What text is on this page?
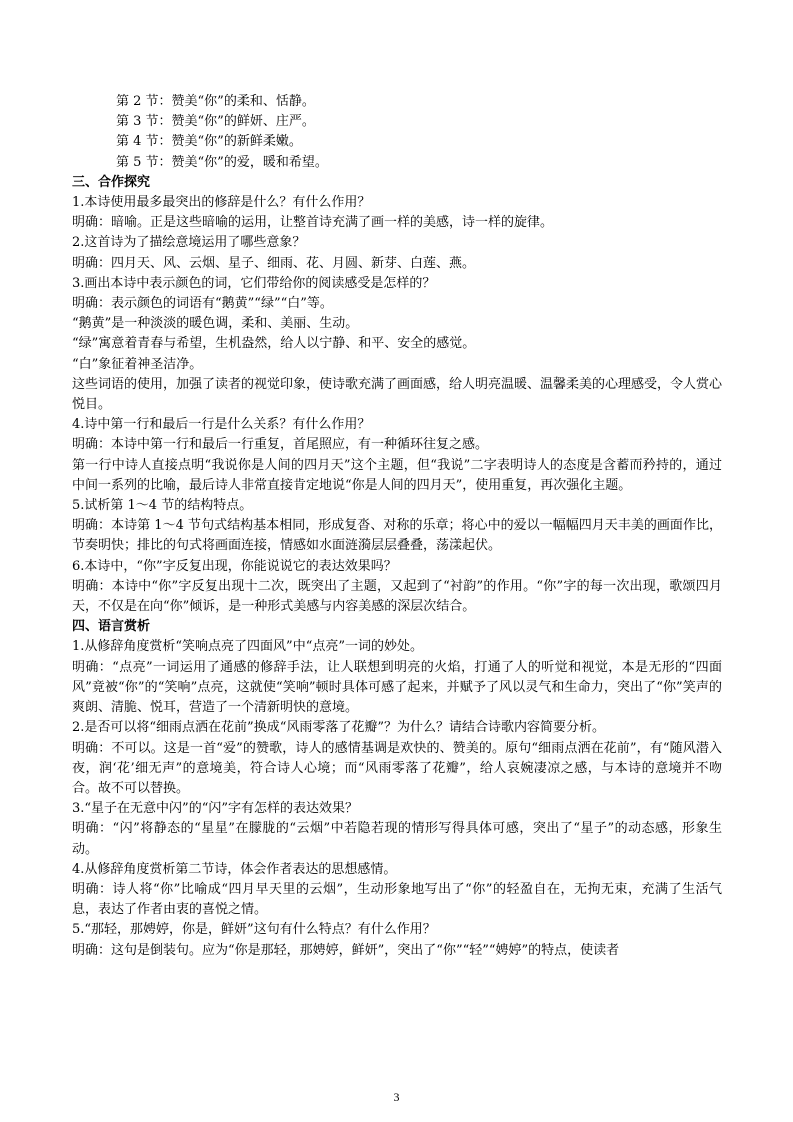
第 2 节：赞美“你”的柔和、恬静。
第 3 节：赞美“你”的鲜妍、庄严。
第 4 节：赞美“你”的新鲜柔嫩。
第 5 节：赞美“你”的爱，暖和希望。
三、合作探究
1.本诗使用最多最突出的修辞是什么？有什么作用？
明确：暗喻。正是这些暗喻的运用，让整首诗充满了画一样的美感，诗一样的旋律。
2.这首诗为了描绘意境运用了哪些意象？
明确：四月天、风、云烟、星子、细雨、花、月圆、新芽、白莲、燕。
3.画出本诗中表示颜色的词，它们带给你的阅读感受是怎样的？
明确：表示颜色的词语有“鹅黄”“绿”“白”等。
“鹅黄”是一种淡淡的暖色调，柔和、美丽、生动。
“绿”寓意着青春与希望，生机盎然，给人以宁静、和平、安全的感觉。
“白”象征着神圣洁净。
这些词语的使用，加强了读者的视觉印象，使诗歌充满了画面感，给人明亮温暖、温馨柔美的心理感受，令人赏心悦目。
4.诗中第一行和最后一行是什么关系？有什么作用？
明确：本诗中第一行和最后一行重复，首尾照应，有一种循环往复之感。
第一行中诗人直接点明“我说你是人间的四月天”这个主题，但“我说”二字表明诗人的态度是含蓄而矜持的，通过中间一系列的比喻，最后诗人非常直接肯定地说“你是人间的四月天”，使用重复，再次强化主题。
5.试析第 1～4 节的结构特点。
明确：本诗第 1～4 节句式结构基本相同，形成复沓、对称的乐章；将心中的爱以一幅幅四月天丰美的画面作比，节奏明快；排比的句式将画面连接，情感如水面涟漪层层叠叠，荡漾起伏。
6.本诗中，“你”字反复出现，你能说说它的表达效果吗？
明确：本诗中“你”字反复出现十二次，既突出了主题，又起到了“衬韵”的作用。“你”字的每一次出现，歌颂四月天，不仅是在向“你”倾诉，是一种形式美感与内容美感的深层次结合。
四、语言赏析
1.从修辞角度赏析“笑响点亮了四面风”中“点亮”一词的妙处。
明确：“点亮”一词运用了通感的修辞手法，让人联想到明亮的火焰，打通了人的听觉和视觉，本是无形的“四面风”竟被“你”的“笑响”点亮，这就使“笑响”顿时具体可感了起来，并赋予了风以灵气和生命力，突出了“你”笑声的爽朗、清脆、悦耳，营造了一个清新明快的意境。
2.是否可以将“细雨点洒在花前”换成“风雨零落了花瓣”？为什么？请结合诗歌内容简要分析。
明确：不可以。这是一首“爱”的赞歌，诗人的感情基调是欢快的、赞美的。原句“细雨点洒在花前”，有“随风潜入夜，润‘花’细无声”的意境美，符合诗人心境；而“风雨零落了花瓣”，给人哀婉凄凉之感，与本诗的意境并不吻合。故不可以替换。
3.“星子在无意中闪”的“闪”字有怎样的表达效果？
明确：“闪”将静态的“星星”在朦胧的“云烟”中若隐若现的情形写得具体可感，突出了“星子”的动态感，形象生动。
4.从修辞角度赏析第二节诗，体会作者表达的思想感情。
明确：诗人将“你”比喻成“四月早天里的云烟”，生动形象地写出了“你”的轻盈自在，无拘无束，充满了生活气息，表达了作者由衷的喜悦之情。
5.“那轻，那娉婷，你是，鲜妍”这句有什么特点？有什么作用？
明确：这句是倒装句。应为“你是那轻，那娉婷，鲜妍”，突出了“你”“轻”“娉婷”的特点，使读者
3
